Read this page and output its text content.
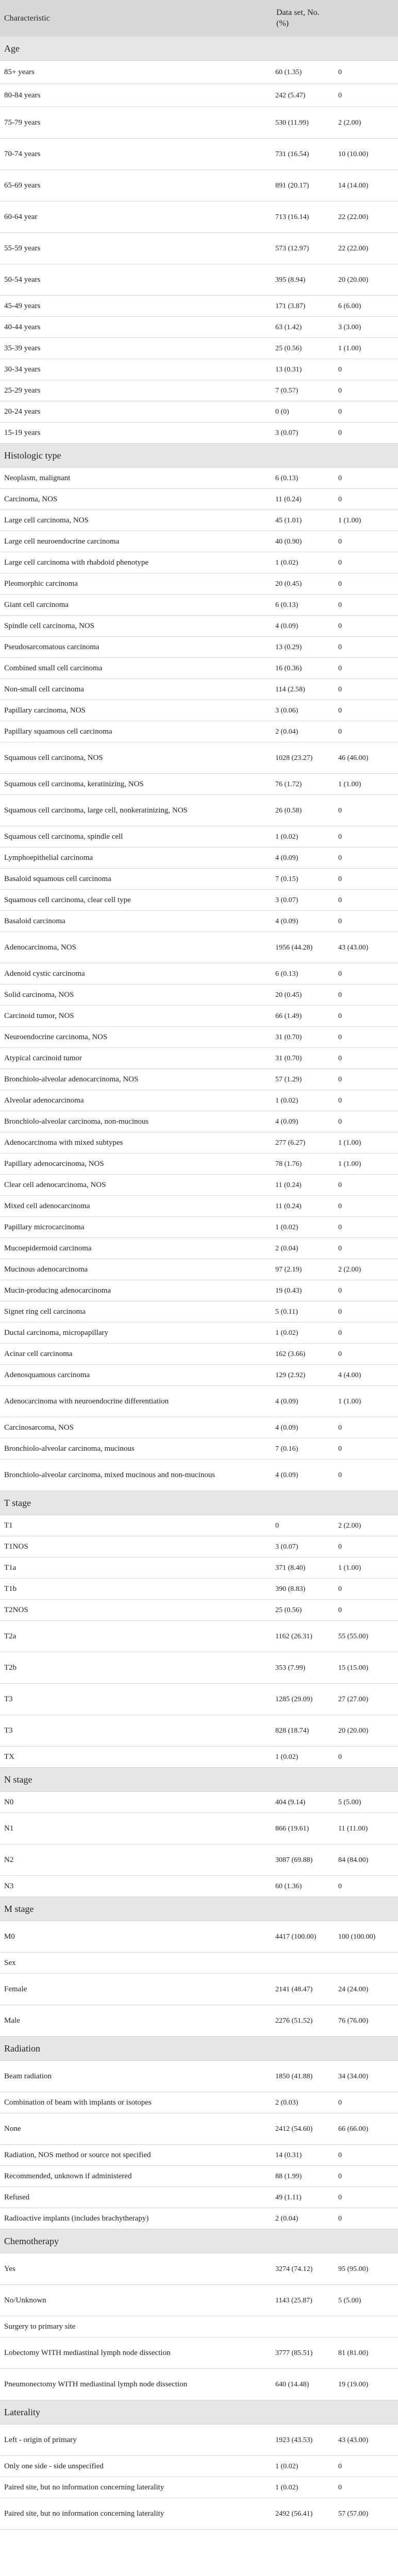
Characteristic	Data set, No. (%)	
Age		
85+ years	60 (1.35)	0
80-84 years	242 (5.47)	0
75-79 years	530 (11.99)	2 (2.00)
70-74 years	731 (16.54)	10 (10.00)
65-69 years	891 (20.17)	14 (14.00)
60-64 year	713 (16.14)	22 (22.00)
55-59 years	573 (12.97)	22 (22.00)
50-54 years	395 (8.94)	20 (20.00)
45-49 years	171 (3.87)	6 (6.00)
40-44 years	63 (1.42)	3 (3.00)
35-39 years	25 (0.56)	1 (1.00)
30-34 years	13 (0.31)	0
25-29 years	7 (0.57)	0
20-24 years	0 (0)	0
15-19 years	3 (0.07)	0
Histologic type		
Neoplasm, malignant	6 (0.13)	0
Carcinoma, NOS	11 (0.24)	0
Large cell carcinoma, NOS	45 (1.01)	1 (1.00)
Large cell neuroendocrine carcinoma	40 (0.90)	0
Large cell carcinoma with rhabdoid phenotype	1 (0.02)	0
Pleomorphic carcinoma	20 (0.45)	0
Giant cell carcinoma	6 (0.13)	0
Spindle cell carcinoma, NOS	4 (0.09)	0
Pseudosarcomatous carcinoma	13 (0.29)	0
Combined small cell carcinoma	16 (0.36)	0
Non-small cell carcinoma	114 (2.58)	0
Papillary carcinoma, NOS	3 (0.06)	0
Papillary squamous cell carcinoma	2 (0.04)	0
Squamous cell carcinoma, NOS	1028 (23.27)	46 (46.00)
Squamous cell carcinoma, keratinizing, NOS	76 (1.72)	1 (1.00)
Squamous cell carcinoma, large cell, nonkeratinizing, NOS	26 (0.58)	0
Squamous cell carcinoma, spindle cell	1 (0.02)	0
Lymphoepithelial carcinoma	4 (0.09)	0
Basaloid squamous cell carcinoma	7 (0.15)	0
Squamous cell carcinoma, clear cell type	3 (0.07)	0
Basaloid carcinoma	4 (0.09)	0
Adenocarcinoma, NOS	1956 (44.28)	43 (43.00)
Adenoid cystic carcinoma	6 (0.13)	0
Solid carcinoma, NOS	20 (0.45)	0
Carcinoid tumor, NOS	66 (1.49)	0
Neuroendocrine carcinoma, NOS	31 (0.70)	0
Atypical carcinoid tumor	31 (0.70)	0
Bronchiolo-alveolar adenocarcinoma, NOS	57 (1.29)	0
Alveolar adenocarcinoma	1 (0.02)	0
Bronchiolo-alveolar carcinoma, non-mucinous	4 (0.09)	0
Adenocarcinoma with mixed subtypes	277 (6.27)	1 (1.00)
Papillary adenocarcinoma, NOS	78 (1.76)	1 (1.00)
Clear cell adenocarcinoma, NOS	11 (0.24)	0
Mixed cell adenocarcinoma	11 (0.24)	0
Papillary microcarcinoma	1 (0.02)	0
Mucoepidermoid carcinoma	2 (0.04)	0
Mucinous adenocarcinoma	97 (2.19)	2 (2.00)
Mucin-producing adenocarcinoma	19 (0.43)	0
Signet ring cell carcinoma	5 (0.11)	0
Ductal carcinoma, micropapillary	1 (0.02)	0
Acinar cell carcinoma	162 (3.66)	0
Adenosquamous carcinoma	129 (2.92)	4 (4.00)
Adenocarcinoma with neuroendocrine differentiation	4 (0.09)	1 (1.00)
Carcinosarcoma, NOS	4 (0.09)	0
Bronchiolo-alveolar carcinoma, mucinous	7 (0.16)	0
Bronchiolo-alveolar carcinoma, mixed mucinous and non-mucinous	4 (0.09)	0
T stage		
T1	0	2 (2.00)
T1NOS	3 (0.07)	0
T1a	371 (8.40)	1 (1.00)
T1b	390 (8.83)	0
T2NOS	25 (0.56)	0
T2a	1162 (26.31)	55 (55.00)
T2b	353 (7.99)	15 (15.00)
T3	1285 (29.09)	27 (27.00)
T3	828 (18.74)	20 (20.00)
TX	1 (0.02)	0
N stage		
N0	404 (9.14)	5 (5.00)
N1	866 (19.61)	11 (11.00)
N2	3087 (69.88)	84 (84.00)
N3	60 (1.36)	0
M stage		
M0	4417 (100.00)	100 (100.00)
Sex		
Female	2141 (48.47)	24 (24.00)
Male	2276 (51.52)	76 (76.00)
Radiation		
Beam radiation	1850 (41.88)	34 (34.00)
Combination of beam with implants or isotopes	2 (0.03)	0
None	2412 (54.60)	66 (66.00)
Radiation, NOS method or source not specified	14 (0.31)	0
Recommended, unknown if administered	88 (1.99)	0
Refused	49 (1.11)	0
Radioactive implants (includes brachytherapy)	2 (0.04)	0
Chemotherapy		
Yes	3274 (74.12)	95 (95.00)
No/Unknown	1143 (25.87)	5 (5.00)
Surgery to primary site		
Lobectomy WITH mediastinal lymph node dissection	3777 (85.51)	81 (81.00)
Pneumonectomy WITH mediastinal lymph node dissection	640 (14.48)	19 (19.00)
Laterality		
Left - origin of primary	1923 (43.53)	43 (43.00)
Only one side - side unspecified	1 (0.02)	0
Paired site, but no information concerning laterality	1 (0.02)	0
Paired site, but no information concerning laterality	2492 (56.41)	57 (57.00)
